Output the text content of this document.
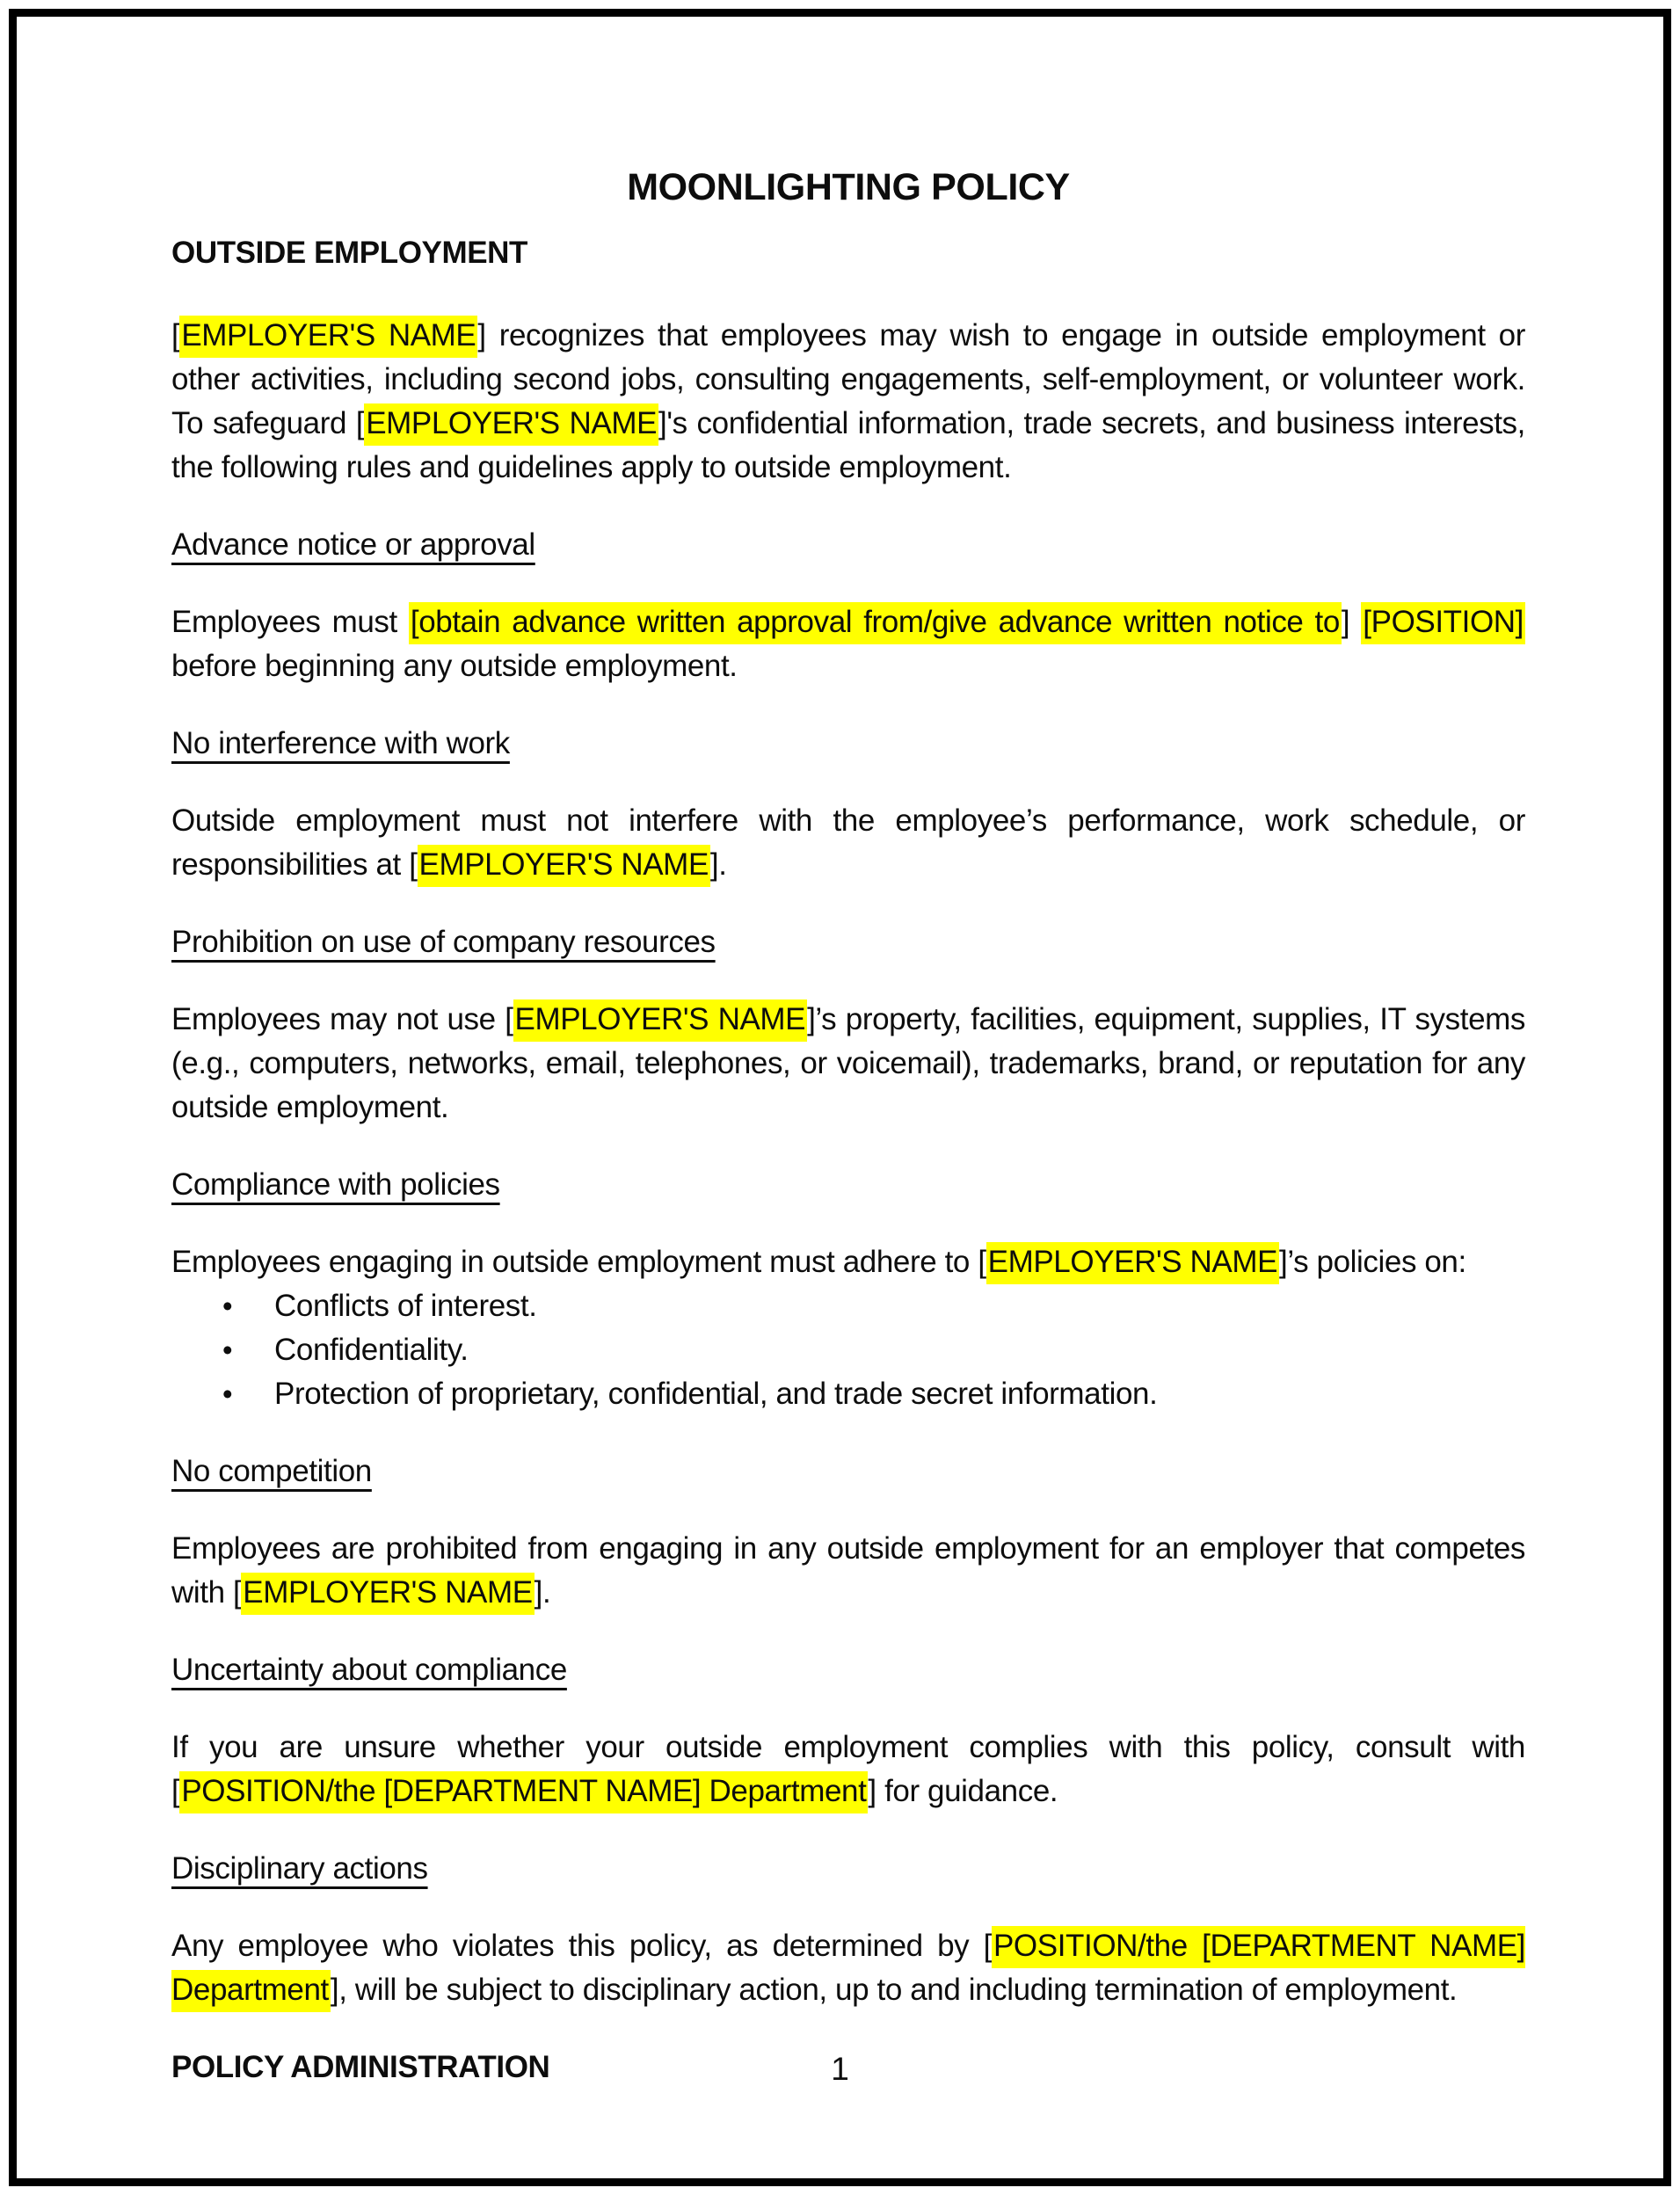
MOONLIGHTING POLICY

OUTSIDE EMPLOYMENT

[EMPLOYER'S NAME] recognizes that employees may wish to engage in outside employment or other activities, including second jobs, consulting engagements, self-employment, or volunteer work. To safeguard [EMPLOYER'S NAME]'s confidential information, trade secrets, and business interests, the following rules and guidelines apply to outside employment.

Advance notice or approval

Employees must [obtain advance written approval from/give advance written notice to] [POSITION] before beginning any outside employment.

No interference with work

Outside employment must not interfere with the employee’s performance, work schedule, or responsibilities at [EMPLOYER'S NAME].

Prohibition on use of company resources

Employees may not use [EMPLOYER'S NAME]’s property, facilities, equipment, supplies, IT systems (e.g., computers, networks, email, telephones, or voicemail), trademarks, brand, or reputation for any outside employment.

Compliance with policies

Employees engaging in outside employment must adhere to [EMPLOYER'S NAME]’s policies on:

•	Conflicts of interest.
•	Confidentiality.
•	Protection of proprietary, confidential, and trade secret information.

No competition

Employees are prohibited from engaging in any outside employment for an employer that competes with [EMPLOYER'S NAME].

Uncertainty about compliance

If you are unsure whether your outside employment complies with this policy, consult with [POSITION/the [DEPARTMENT NAME] Department] for guidance.

Disciplinary actions

Any employee who violates this policy, as determined by [POSITION/the [DEPARTMENT NAME] Department], will be subject to disciplinary action, up to and including termination of employment.

POLICY ADMINISTRATION	1
